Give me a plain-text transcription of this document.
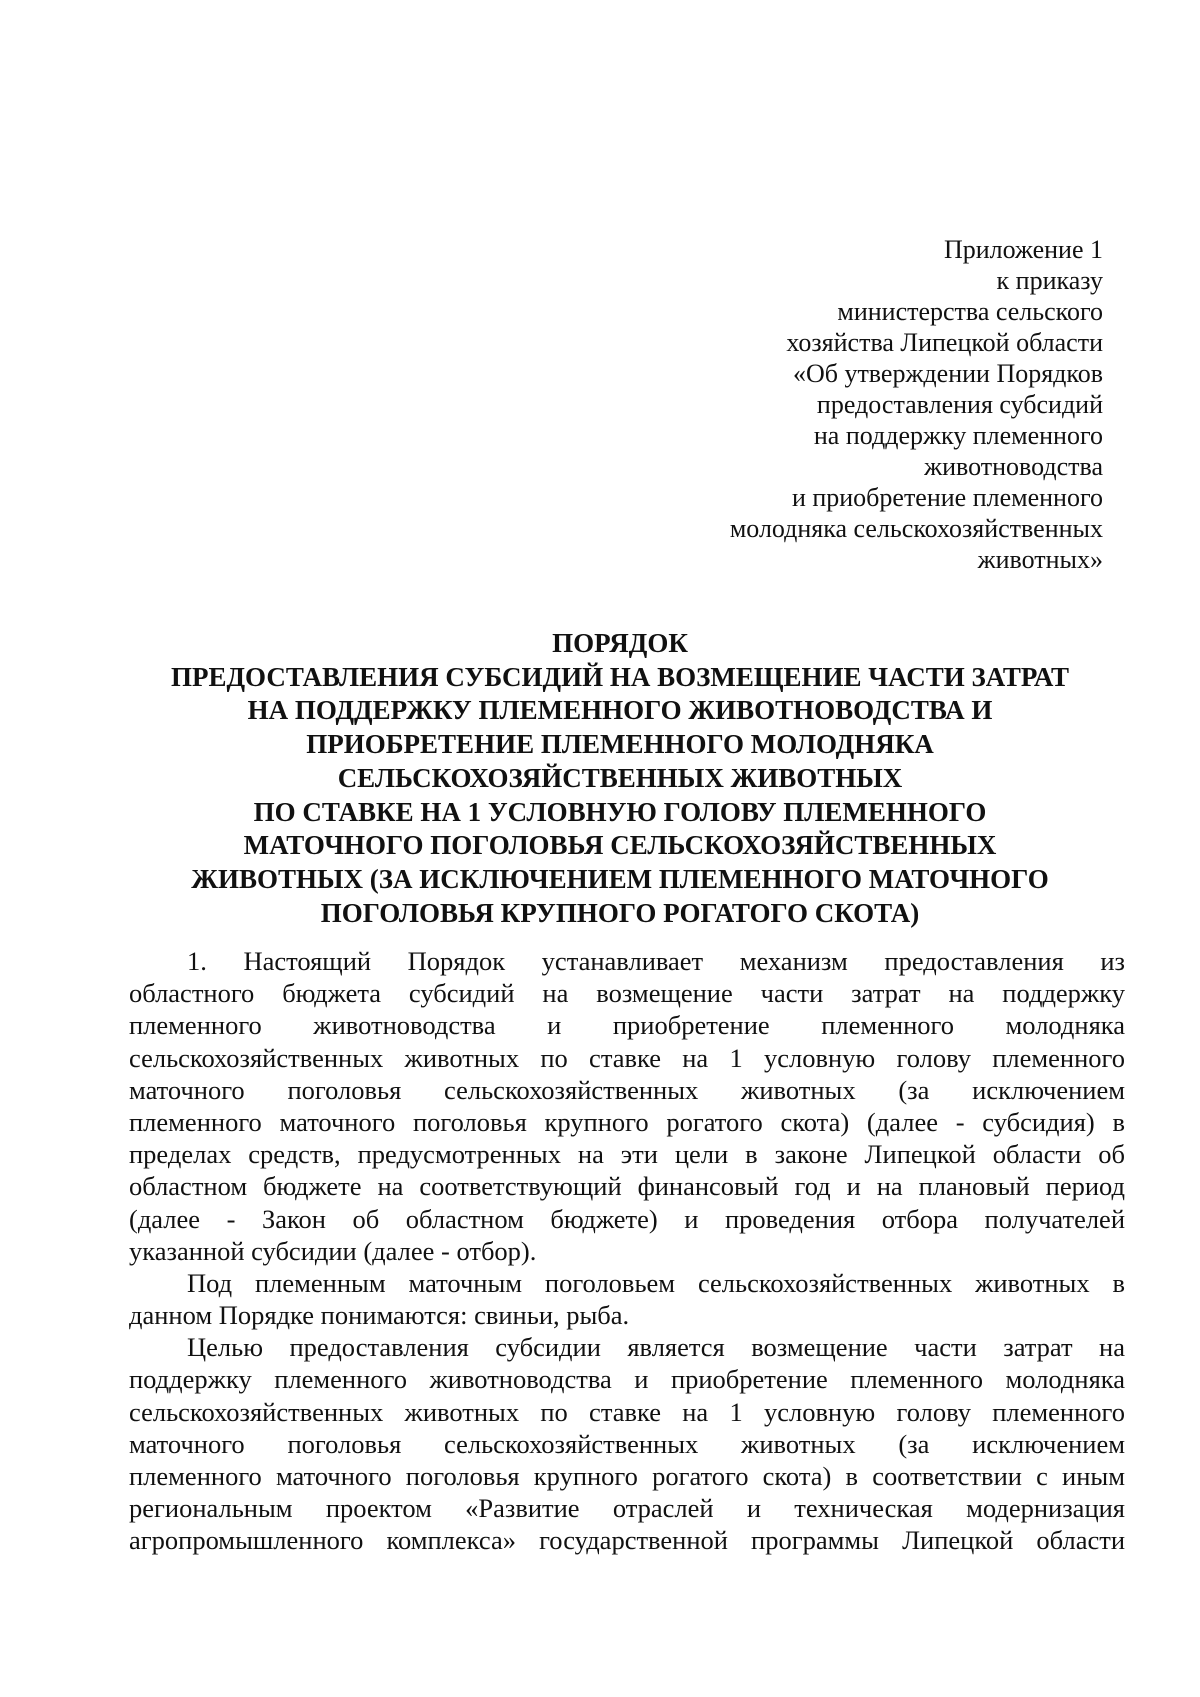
Приложение 1
к приказу
министерства сельского
хозяйства Липецкой области
«Об утверждении Порядков
предоставления субсидий
на поддержку племенного
животноводства
и приобретение племенного
молодняка сельскохозяйственных
животных»
ПОРЯДОК
ПРЕДОСТАВЛЕНИЯ СУБСИДИЙ НА ВОЗМЕЩЕНИЕ ЧАСТИ ЗАТРАТ
НА ПОДДЕРЖКУ ПЛЕМЕННОГО ЖИВОТНОВОДСТВА И
ПРИОБРЕТЕНИЕ ПЛЕМЕННОГО МОЛОДНЯКА
СЕЛЬСКОХОЗЯЙСТВЕННЫХ ЖИВОТНЫХ
ПО СТАВКЕ НА 1 УСЛОВНУЮ ГОЛОВУ ПЛЕМЕННОГО
МАТОЧНОГО ПОГОЛОВЬЯ СЕЛЬСКОХОЗЯЙСТВЕННЫХ
ЖИВОТНЫХ (ЗА ИСКЛЮЧЕНИЕМ ПЛЕМЕННОГО МАТОЧНОГО
ПОГОЛОВЬЯ КРУПНОГО РОГАТОГО СКОТА)
1. Настоящий Порядок устанавливает механизм предоставления из
областного бюджета субсидий на возмещение части затрат на поддержку
племенного животноводства и приобретение племенного молодняка
сельскохозяйственных животных по ставке на 1 условную голову племенного
маточного поголовья сельскохозяйственных животных (за исключением
племенного маточного поголовья крупного рогатого скота) (далее - субсидия) в
пределах средств, предусмотренных на эти цели в законе Липецкой области об
областном бюджете на соответствующий финансовый год и на плановый период
(далее - Закон об областном бюджете) и проведения отбора получателей
указанной субсидии (далее - отбор).
Под племенным маточным поголовьем сельскохозяйственных животных в
данном Порядке понимаются: свиньи, рыба.
Целью предоставления субсидии является возмещение части затрат на
поддержку племенного животноводства и приобретение племенного молодняка
сельскохозяйственных животных по ставке на 1 условную голову племенного
маточного поголовья сельскохозяйственных животных (за исключением
племенного маточного поголовья крупного рогатого скота) в соответствии с иным
региональным проектом «Развитие отраслей и техническая модернизация
агропромышленного комплекса» государственной программы Липецкой области
